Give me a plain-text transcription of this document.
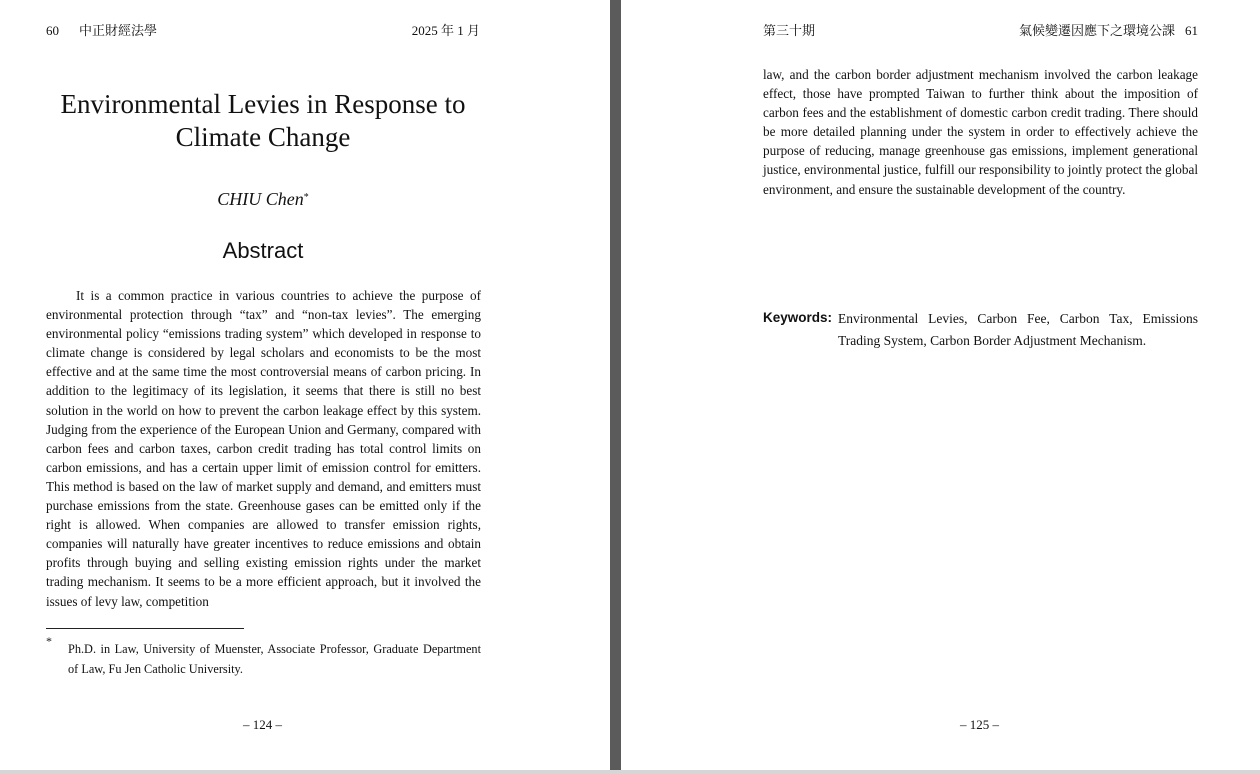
60 中正財經法學	2025 年 1 月
Environmental Levies in Response to Climate Change
CHIU Chen*
Abstract
It is a common practice in various countries to achieve the purpose of environmental protection through “tax” and “non-tax levies”. The emerging environmental policy “emissions trading system” which developed in response to climate change is considered by legal scholars and economists to be the most effective and at the same time the most controversial means of carbon pricing. In addition to the legitimacy of its legislation, it seems that there is still no best solution in the world on how to prevent the carbon leakage effect by this system. Judging from the experience of the European Union and Germany, compared with carbon fees and carbon taxes, carbon credit trading has total control limits on carbon emissions, and has a certain upper limit of emission control for emitters. This method is based on the law of market supply and demand, and emitters must purchase emissions from the state. Greenhouse gases can be emitted only if the right is allowed. When companies are allowed to transfer emission rights, companies will naturally have greater incentives to reduce emissions and obtain profits through buying and selling existing emission rights under the market trading mechanism. It seems to be a more efficient approach, but it involved the issues of levy law, competition
*
Ph.D. in Law, University of Muenster, Associate Professor, Graduate Department of Law, Fu Jen Catholic University.
– 124 –
第三十期	氣候變遷因應下之環境公課 61
– 125 –
law, and the carbon border adjustment mechanism involved the carbon leakage effect, those have prompted Taiwan to further think about the imposition of carbon fees and the establishment of domestic carbon credit trading. There should be more detailed planning under the system in order to effectively achieve the purpose of reducing, manage greenhouse gas emissions, implement generational justice, environmental justice, fulfill our responsibility to jointly protect the global environment, and ensure the sustainable development of the country.
Keywords: Environmental Levies, Carbon Fee, Carbon Tax, Emissions Trading System, Carbon Border Adjustment Mechanism.
